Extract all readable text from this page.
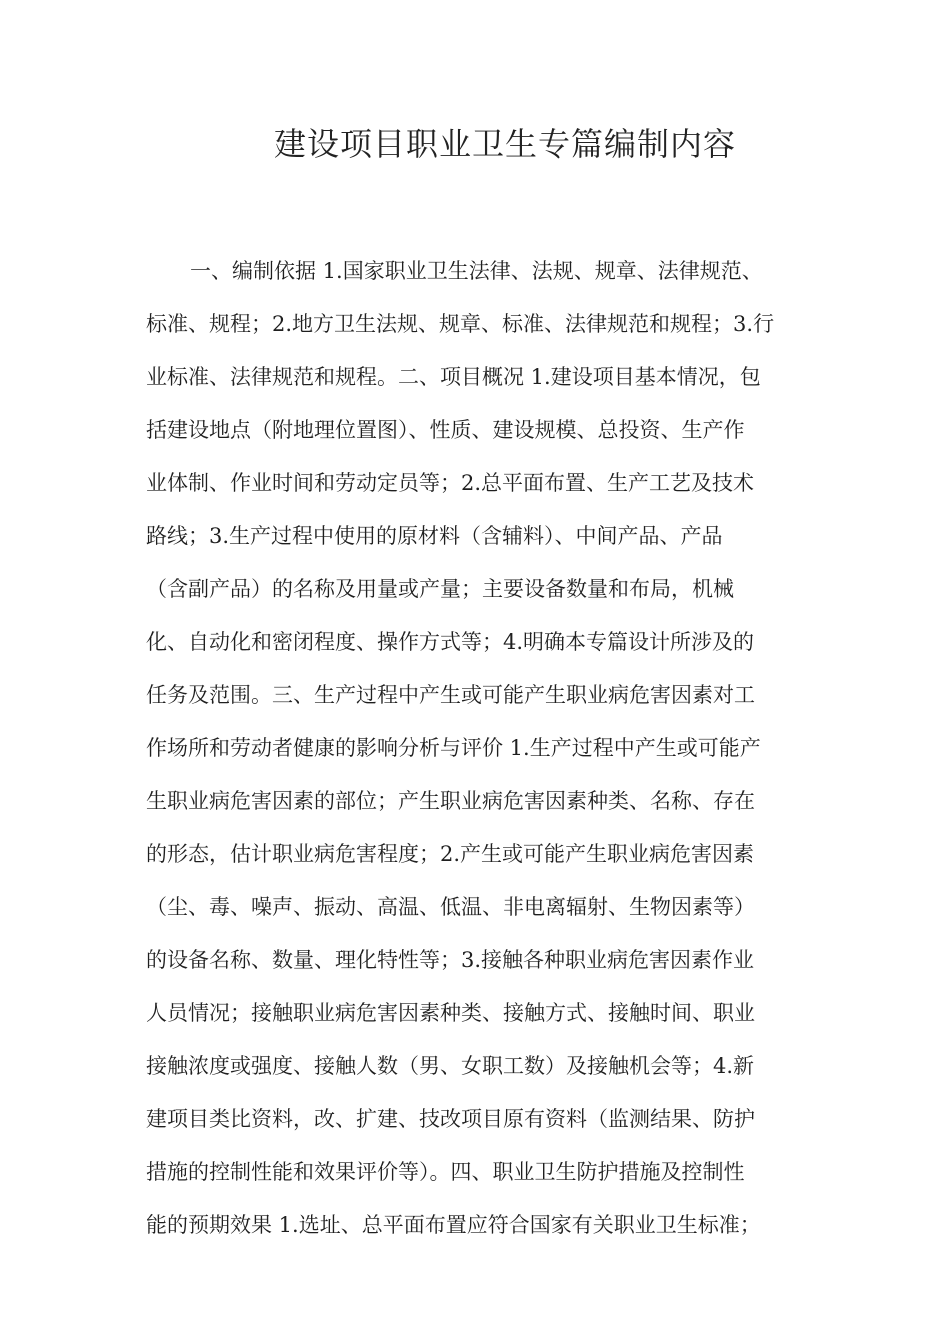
建设项目职业卫生专篇编制内容
一、编制依据 1.国家职业卫生法律、法规、规章、法律规范、
标准、规程；2.地方卫生法规、规章、标准、法律规范和规程；3.行
业标准、法律规范和规程。二、项目概况 1.建设项目基本情况，包
括建设地点（附地理位置图）、性质、建设规模、总投资、生产作
业体制、作业时间和劳动定员等；2.总平面布置、生产工艺及技术
路线；3.生产过程中使用的原材料（含辅料）、中间产品、产品
（含副产品）的名称及用量或产量；主要设备数量和布局，机械
化、自动化和密闭程度、操作方式等；4.明确本专篇设计所涉及的
任务及范围。三、生产过程中产生或可能产生职业病危害因素对工
作场所和劳动者健康的影响分析与评价 1.生产过程中产生或可能产
生职业病危害因素的部位；产生职业病危害因素种类、名称、存在
的形态，估计职业病危害程度；2.产生或可能产生职业病危害因素
（尘、毒、噪声、振动、高温、低温、非电离辐射、生物因素等）
的设备名称、数量、理化特性等；3.接触各种职业病危害因素作业
人员情况；接触职业病危害因素种类、接触方式、接触时间、职业
接触浓度或强度、接触人数（男、女职工数）及接触机会等；4.新
建项目类比资料，改、扩建、技改项目原有资料（监测结果、防护
措施的控制性能和效果评价等）。四、职业卫生防护措施及控制性
能的预期效果 1.选址、总平面布置应符合国家有关职业卫生标准；
